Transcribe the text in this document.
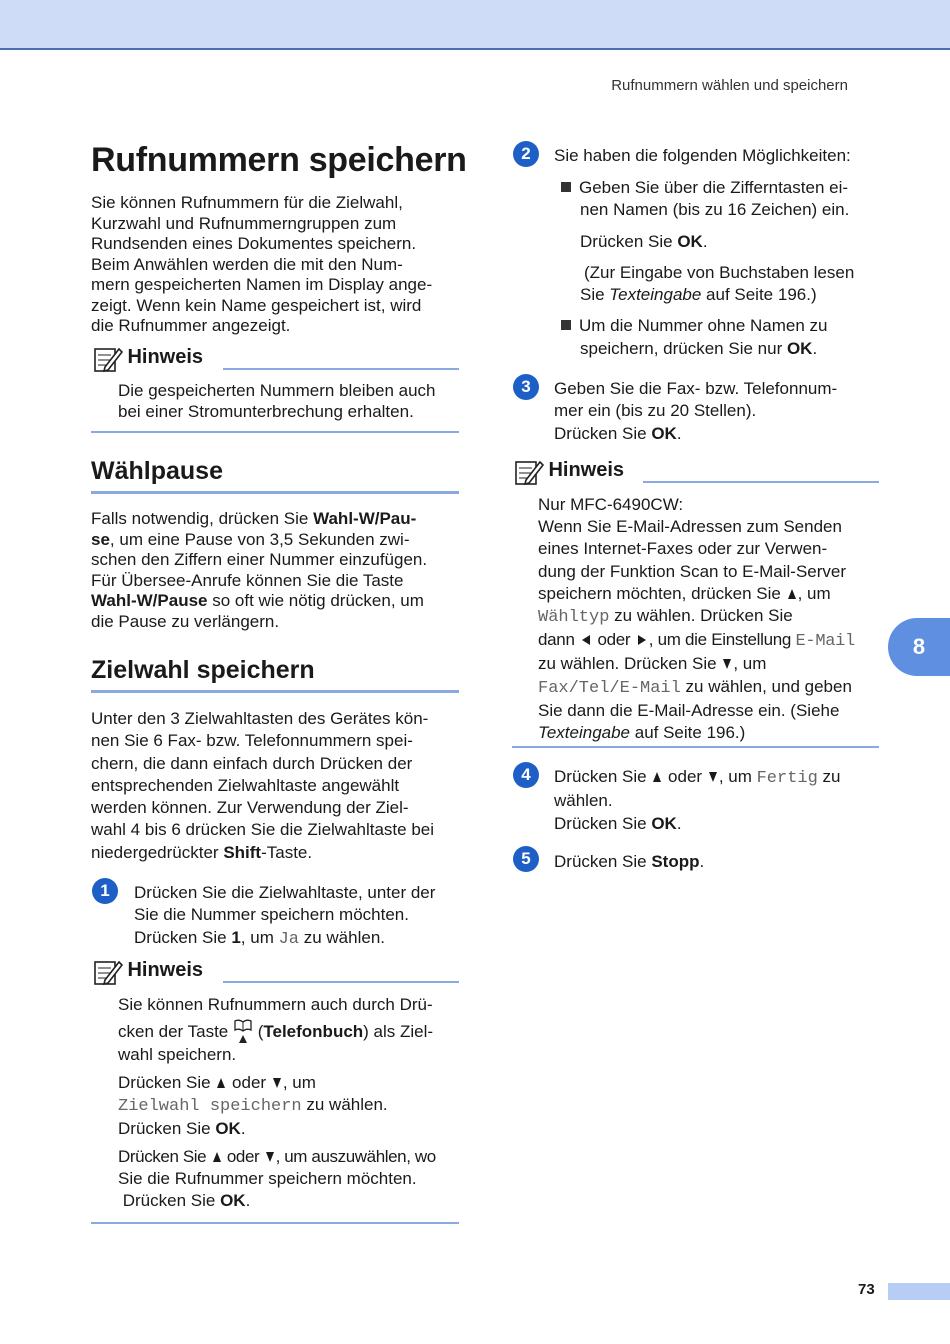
Rufnummern wählen und speichern
Rufnummern speichern
Sie können Rufnummern für die Zielwahl,
Kurzwahl und Rufnummerngruppen zum
Rundsenden eines Dokumentes speichern.
Beim Anwählen werden die mit den Num-
mern gespeicherten Namen im Display ange-
zeigt. Wenn kein Name gespeichert ist, wird
die Rufnummer angezeigt.
Hinweis
Die gespeicherten Nummern bleiben auch
bei einer Stromunterbrechung erhalten.
Wählpause
Falls notwendig, drücken Sie Wahl-W/Pau-
se, um eine Pause von 3,5 Sekunden zwi-
schen den Ziffern einer Nummer einzufügen.
Für Übersee-Anrufe können Sie die Taste
Wahl-W/Pause so oft wie nötig drücken, um
die Pause zu verlängern.
Zielwahl speichern
Unter den 3 Zielwahltasten des Gerätes kön-
nen Sie 6 Fax- bzw. Telefonnummern spei-
chern, die dann einfach durch Drücken der
entsprechenden Zielwahltaste angewählt
werden können. Zur Verwendung der Ziel-
wahl 4 bis 6 drücken Sie die Zielwahltaste bei
niedergedrückter Shift-Taste.
1	Drücken Sie die Zielwahltaste, unter der
Sie die Nummer speichern möchten.
Drücken Sie 1, um Ja zu wählen.
Hinweis
Sie können Rufnummern auch durch Drü-
cken der Taste  (Telefonbuch) als Ziel-
wahl speichern.
Drücken Sie  oder , um
Zielwahl speichern zu wählen.
Drücken Sie OK.
Drücken Sie  oder , um auszuwählen, wo
Sie die Rufnummer speichern möchten.
Drücken Sie OK.
2	Sie haben die folgenden Möglichkeiten:
Geben Sie über die Zifferntasten ei-
nen Namen (bis zu 16 Zeichen) ein.
Drücken Sie OK.
(Zur Eingabe von Buchstaben lesen
Sie Texteingabe auf Seite 196.)
Um die Nummer ohne Namen zu
speichern, drücken Sie nur OK.
3	Geben Sie die Fax- bzw. Telefonnum-
mer ein (bis zu 20 Stellen).
Drücken Sie OK.
Hinweis
Nur MFC-6490CW:
Wenn Sie E-Mail-Adressen zum Senden
eines Internet-Faxes oder zur Verwen-
dung der Funktion Scan to E-Mail-Server
speichern möchten, drücken Sie , um
Wähltyp zu wählen. Drücken Sie
dann  oder , um die Einstellung E-Mail
zu wählen. Drücken Sie , um
Fax/Tel/E-Mail zu wählen, und geben
Sie dann die E-Mail-Adresse ein. (Siehe
Texteingabe auf Seite 196.)
4	Drücken Sie  oder , um Fertig zu
wählen.
Drücken Sie OK.
5	Drücken Sie Stopp.
8
73
